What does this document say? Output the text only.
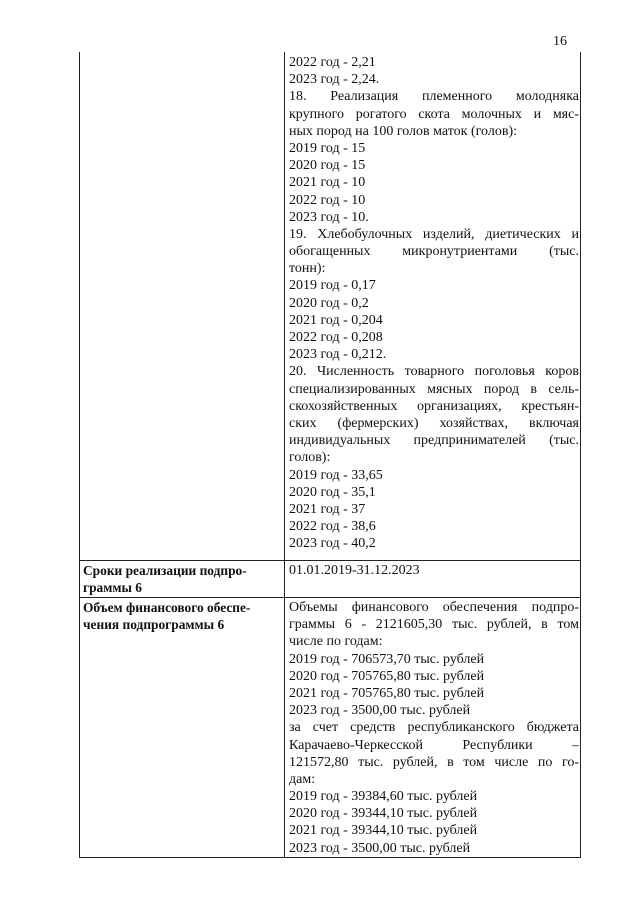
16
2022 год - 2,21
2023 год - 2,24.
18. Реализация племенного молодняка
крупного рогатого скота молочных и мяс-
ных пород на 100 голов маток (голов):
2019 год - 15
2020 год - 15
2021 год - 10
2022 год - 10
2023 год - 10.
19. Хлебобулочных изделий, диетических и
обогащенных микронутриентами (тыс.
тонн):
2019 год - 0,17
2020 год - 0,2
2021 год - 0,204
2022 год - 0,208
2023 год - 0,212.
20. Численность товарного поголовья коров
специализированных мясных пород в сель-
скохозяйственных организациях, крестьян-
ских (фермерских) хозяйствах, включая
индивидуальных предпринимателей (тыс.
голов):
2019 год - 33,65
2020 год - 35,1
2021 год - 37
2022 год - 38,6
2023 год - 40,2
Сроки реализации подпро-
граммы 6
01.01.2019-31.12.2023
Объем финансового обеспе-
чения подпрограммы 6
Объемы финансового обеспечения подпро-
граммы 6 - 2121605,30 тыс. рублей, в том
числе по годам:
2019 год - 706573,70 тыс. рублей
2020 год - 705765,80 тыс. рублей
2021 год - 705765,80 тыс. рублей
2023 год - 3500,00 тыс. рублей
за счет средств республиканского бюджета
Карачаево-Черкесской Республики –
121572,80 тыс. рублей, в том числе по го-
дам:
2019 год - 39384,60 тыс. рублей
2020 год - 39344,10 тыс. рублей
2021 год - 39344,10 тыс. рублей
2023 год - 3500,00 тыс. рублей
